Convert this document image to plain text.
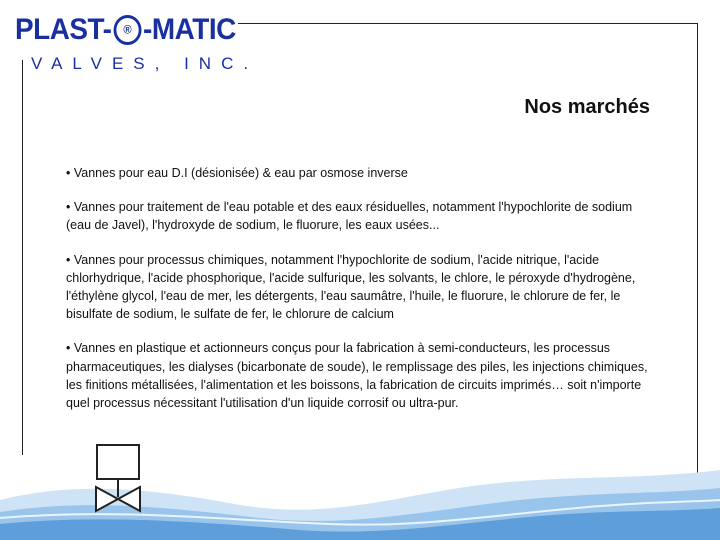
PLAST- ® -MATIC
VALVES, INC.
Nos marchés

• Vannes pour eau D.I (désionisée) & eau par osmose inverse

• Vannes pour traitement de l'eau potable et des eaux résiduelles, notamment l'hypochlorite de sodium (eau de Javel), l'hydroxyde de sodium, le fluorure, les eaux usées...

• Vannes pour processus chimiques, notamment l'hypochlorite de sodium, l'acide nitrique, l'acide chlorhydrique, l'acide phosphorique, l'acide sulfurique, les solvants, le chlore, le péroxyde d'hydrogène, l'éthylène glycol, l'eau de mer, les détergents, l'eau saumâtre, l'huile, le fluorure, le chlorure de fer, le bisulfate de sodium, le sulfate de fer, le chlorure de calcium

• Vannes en plastique et actionneurs conçus pour la fabrication à semi-conducteurs, les processus pharmaceutiques, les dialyses (bicarbonate de soude), le remplissage des piles, les injections chimiques, les finitions métallisées, l'alimentation et les boissons, la fabrication de circuits imprimés… soit n'importe quel processus nécessitant l'utilisation d'un liquide corrosif ou ultra-pur.
